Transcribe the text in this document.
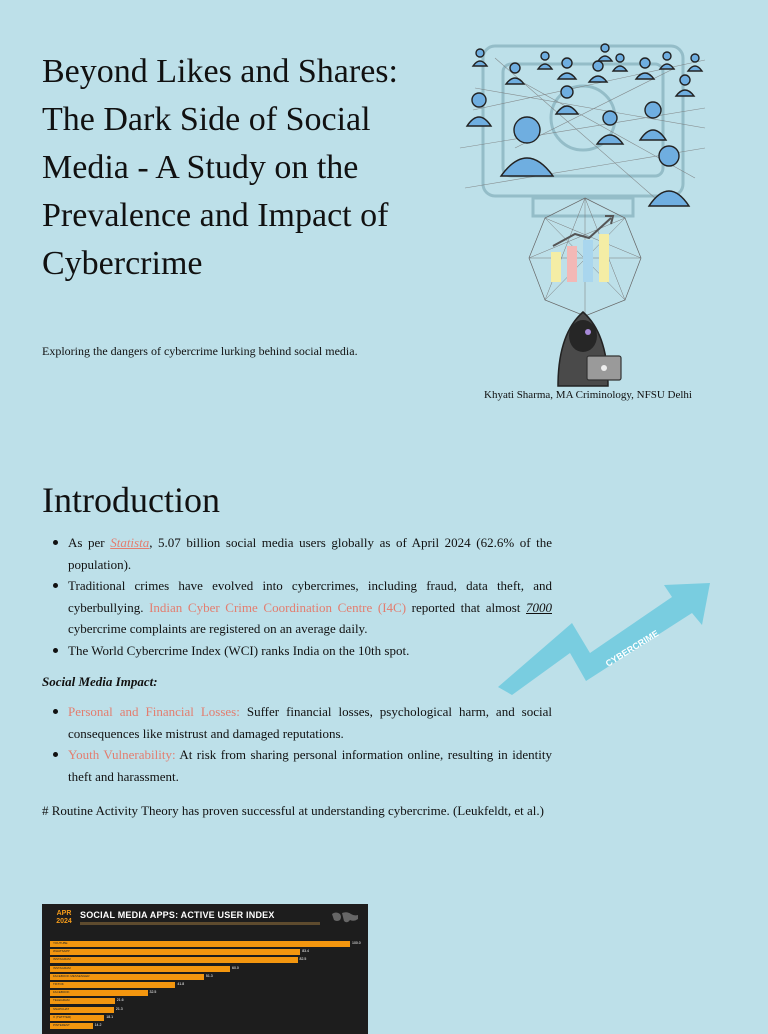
Beyond Likes and Shares: The Dark Side of Social Media - A Study on the Prevalence and Impact of Cybercrime

Exploring the dangers of cybercrime lurking behind social media.

Khyati Sharma, MA Criminology, NFSU Delhi

Introduction
As per Statista, 5.07 billion social media users globally as of April 2024 (62.6% of the population).
Traditional crimes have evolved into cybercrimes, including fraud, data theft, and cyberbullying. Indian Cyber Crime Coordination Centre (I4C) reported that almost 7000 cybercrime complaints are registered on an average daily.
The World Cybercrime Index (WCI) ranks India on the 10th spot.	CYBERCRIME
Social Media Impact:
Personal and Financial Losses: Suffer financial losses, psychological harm, and social consequences like mistrust and damaged reputations.
Youth Vulnerability: At risk from sharing personal information online, resulting in identity theft and harassment.

# Routine Activity Theory has proven successful at understanding cybercrime. (Leukfeldt, et al.)

APR 2024
SOCIAL MEDIA APPS: ACTIVE USER INDEX
YOUTUBE	100.0
WHATSAPP	83.4
INSTAGRAM	82.5
INSTAGRAM	60.0
FACEBOOK MESSENGER	51.3
TIKTOK	41.8
FACEBOOK	32.5
TELEGRAM	21.6
SNAPCHAT	21.3
X (TWITTER)	18.1
PINTEREST	14.2
